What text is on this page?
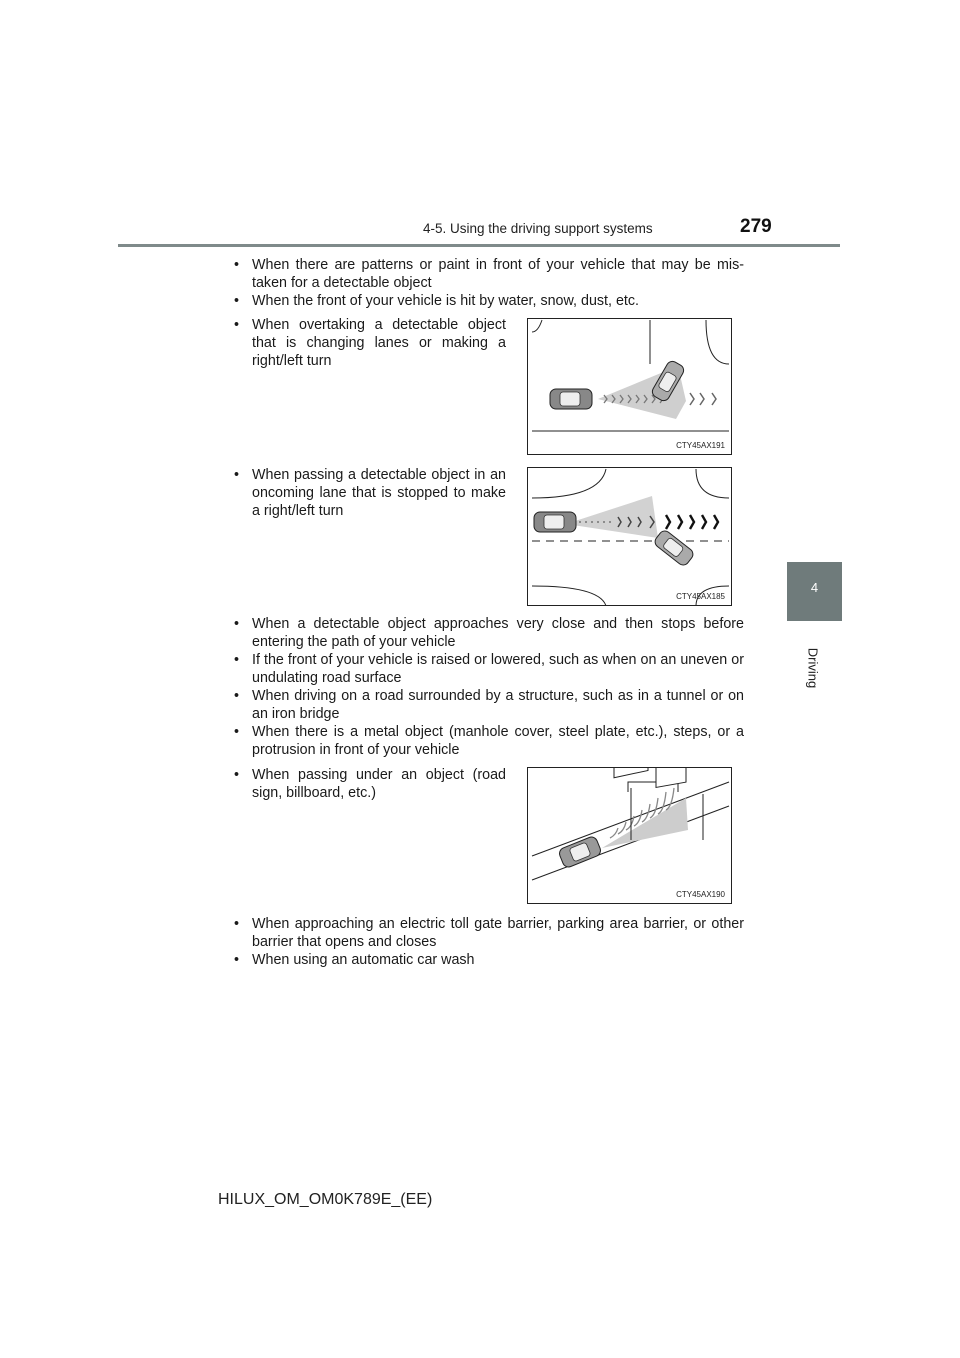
4-5. Using the driving support systems	279
4
Driving
• When there are patterns or paint in front of your vehicle that may be mis-taken for a detectable object
• When the front of your vehicle is hit by water, snow, dust, etc.
• When overtaking a detectable object that is changing lanes or making a right/left turn
CTY45AX191
• When passing a detectable object in an oncoming lane that is stopped to make a right/left turn
CTY45AX185
• When a detectable object approaches very close and then stops before entering the path of your vehicle
• If the front of your vehicle is raised or lowered, such as when on an uneven or undulating road surface
• When driving on a road surrounded by a structure, such as in a tunnel or on an iron bridge
• When there is a metal object (manhole cover, steel plate, etc.), steps, or a protrusion in front of your vehicle
• When passing under an object (road sign, billboard, etc.)
CTY45AX190
• When approaching an electric toll gate barrier, parking area barrier, or other barrier that opens and closes
• When using an automatic car wash
HILUX_OM_OM0K789E_(EE)
